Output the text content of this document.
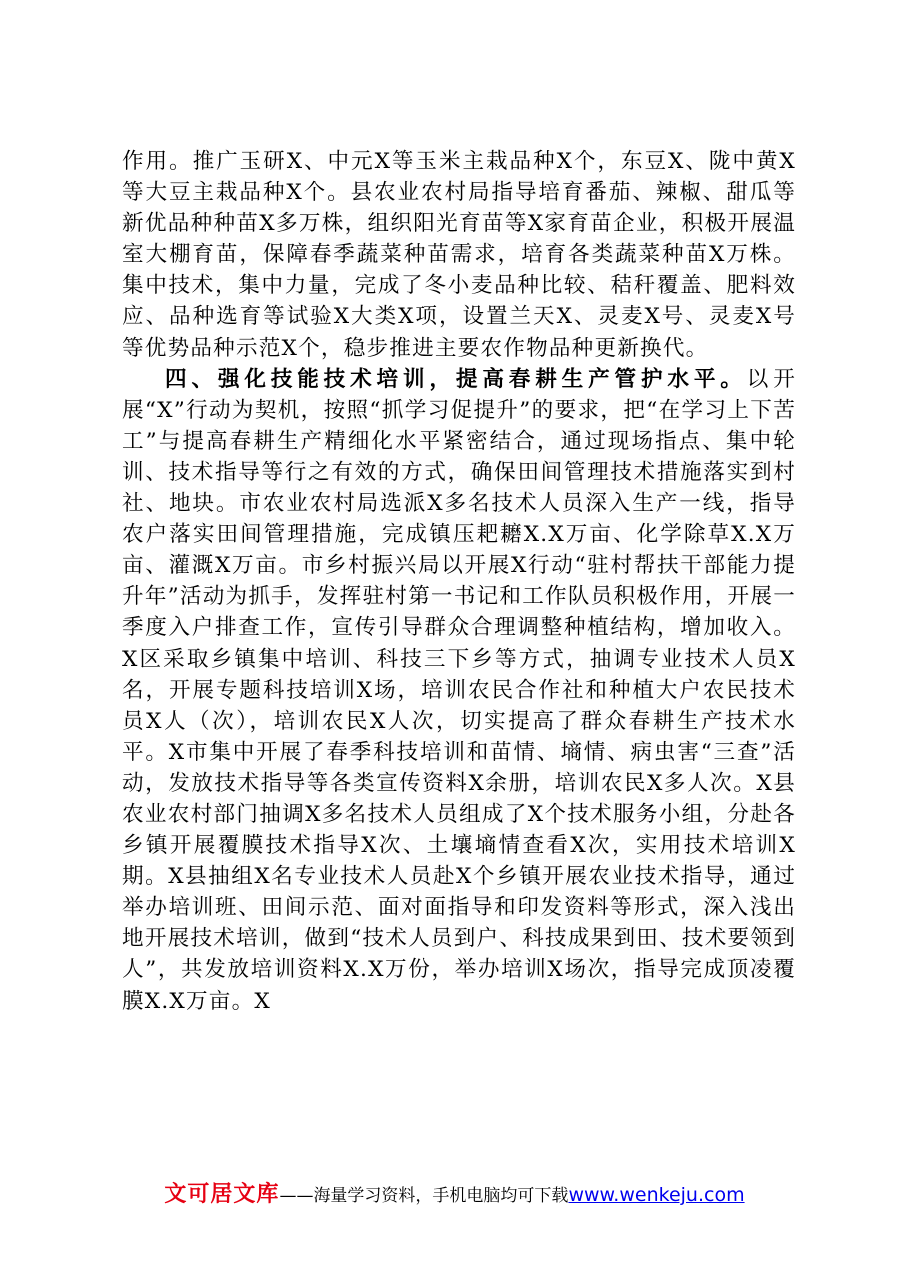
作用。推广玉研X、中元X等玉米主栽品种X个，东豆X、陇中黄X等大豆主栽品种X个。县农业农村局指导培育番茄、辣椒、甜瓜等新优品种种苗X多万株，组织阳光育苗等X家育苗企业，积极开展温室大棚育苗，保障春季蔬菜种苗需求，培育各类蔬菜种苗X万株。集中技术，集中力量，完成了冬小麦品种比较、秸秆覆盖、肥料效应、品种选育等试验X大类X项，设置兰天X、灵麦X号、灵麦X号等优势品种示范X个，稳步推进主要农作物品种更新换代。

四、强化技能技术培训，提高春耕生产管护水平。以开展“X”行动为契机，按照“抓学习促提升”的要求，把“在学习上下苦工”与提高春耕生产精细化水平紧密结合，通过现场指点、集中轮训、技术指导等行之有效的方式，确保田间管理技术措施落实到村社、地块。市农业农村局选派X多名技术人员深入生产一线，指导农户落实田间管理措施，完成镇压耙耱X.X万亩、化学除草X.X万亩、灌溉X万亩。市乡村振兴局以开展X行动“驻村帮扶干部能力提升年”活动为抓手，发挥驻村第一书记和工作队员积极作用，开展一季度入户排查工作，宣传引导群众合理调整种植结构，增加收入。X区采取乡镇集中培训、科技三下乡等方式，抽调专业技术人员X名，开展专题科技培训X场，培训农民合作社和种植大户农民技术员X人（次），培训农民X人次，切实提高了群众春耕生产技术水平。X市集中开展了春季科技培训和苗情、墒情、病虫害“三查”活动，发放技术指导等各类宣传资料X余册，培训农民X多人次。X县农业农村部门抽调X多名技术人员组成了X个技术服务小组，分赴各乡镇开展覆膜技术指导X次、土壤墒情查看X次，实用技术培训X期。X县抽组X名专业技术人员赴X个乡镇开展农业技术指导，通过举办培训班、田间示范、面对面指导和印发资料等形式，深入浅出地开展技术培训，做到“技术人员到户、科技成果到田、技术要领到人”，共发放培训资料X.X万份，举办培训X场次，指导完成顶凌覆膜X.X万亩。X

文可居文库——海量学习资料，手机电脑均可下载www.wenkeju.com
